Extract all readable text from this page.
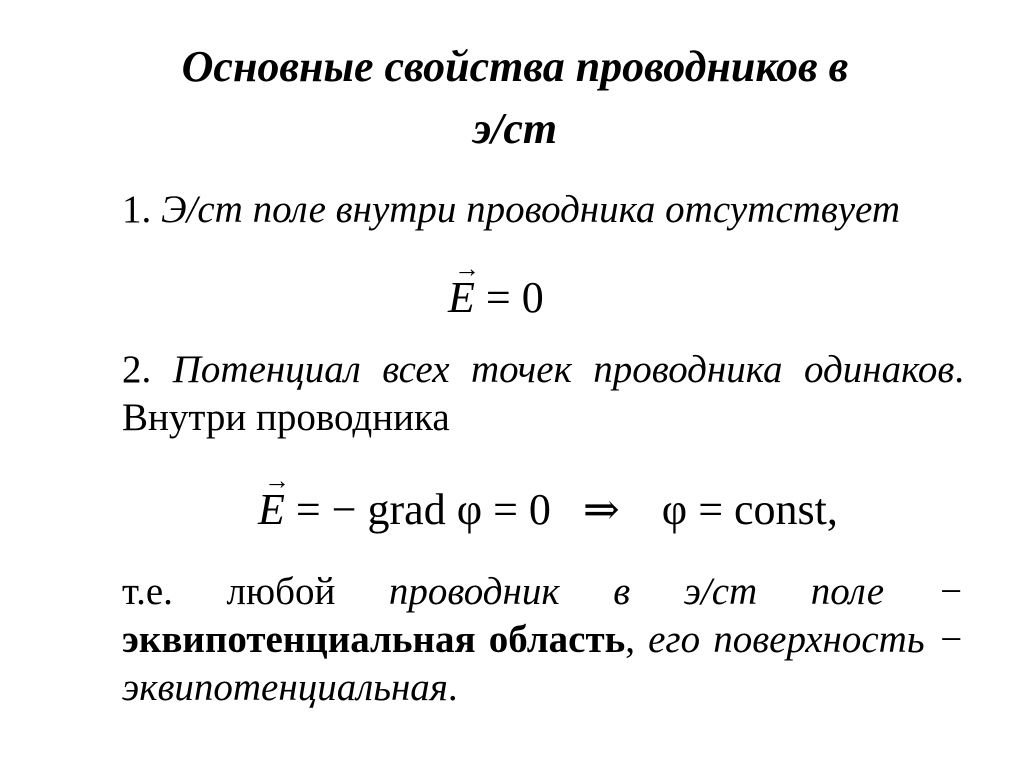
Основные свойства проводников в
э/ст

1. Э/ст поле внутри проводника отсутствует

→
E = 0

2. Потенциал всех точек проводника одинаков. Внутри проводника

→
E = − grad φ = 0 ⇒ φ = const,

т.е. любой проводник в э/ст поле − эквипотенциальная область, его поверхность − эквипотенциальная.
